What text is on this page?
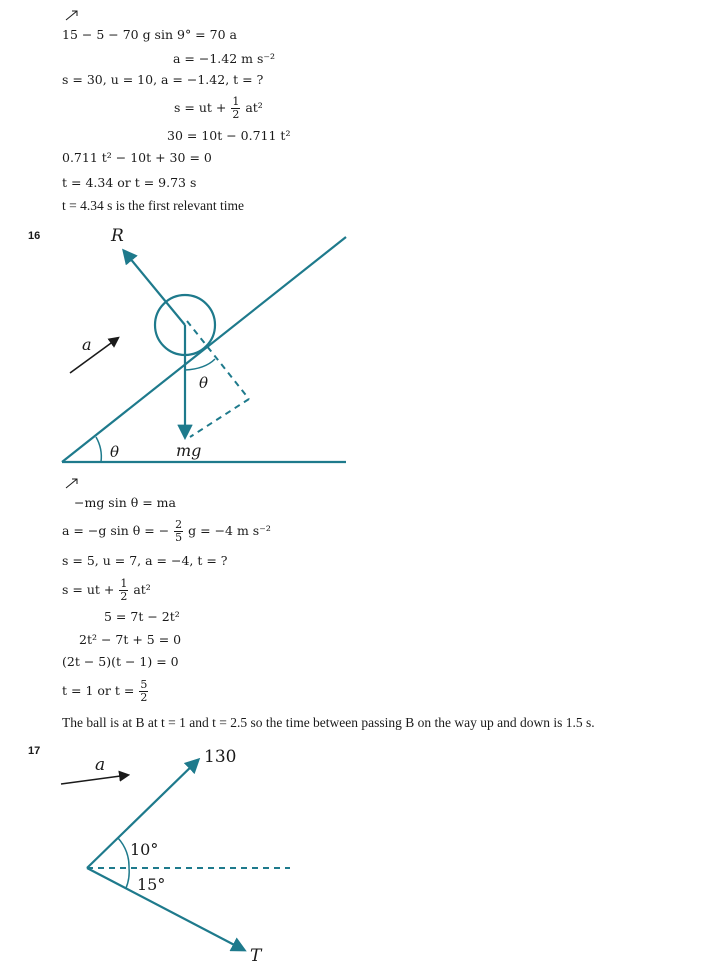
15 − 5 − 70 g sin 9° = 70 a
a = −1.42 m s⁻²
s = 30, u = 10, a = −1.42, t = ?
s = ut + $\frac{1}{2} at^2$
30 = 10t − 0.711 t²
0.711 t² − 10t + 30 = 0
t = 4.34 or t = 9.73 s
t = 4.34 s is the first relevant time
16	R
a
θ
θ	mg
−mg sin θ = ma
a = −g sin θ = − $\frac{2}{5}$ g = −4 m s⁻²
s = 5, u = 7, a = −4, t = ?
s = ut + $\frac{1}{2} at^2$
5 = 7t − 2t²
2t² − 7t + 5 = 0
(2t − 5)(t − 1) = 0
t = 1 or $t = \frac{5}{2}$
The ball is at B at t = 1 and t = 2.5 so the time between passing B on the way up and down is 1.5 s.
17
a	130
10°
15°
T
